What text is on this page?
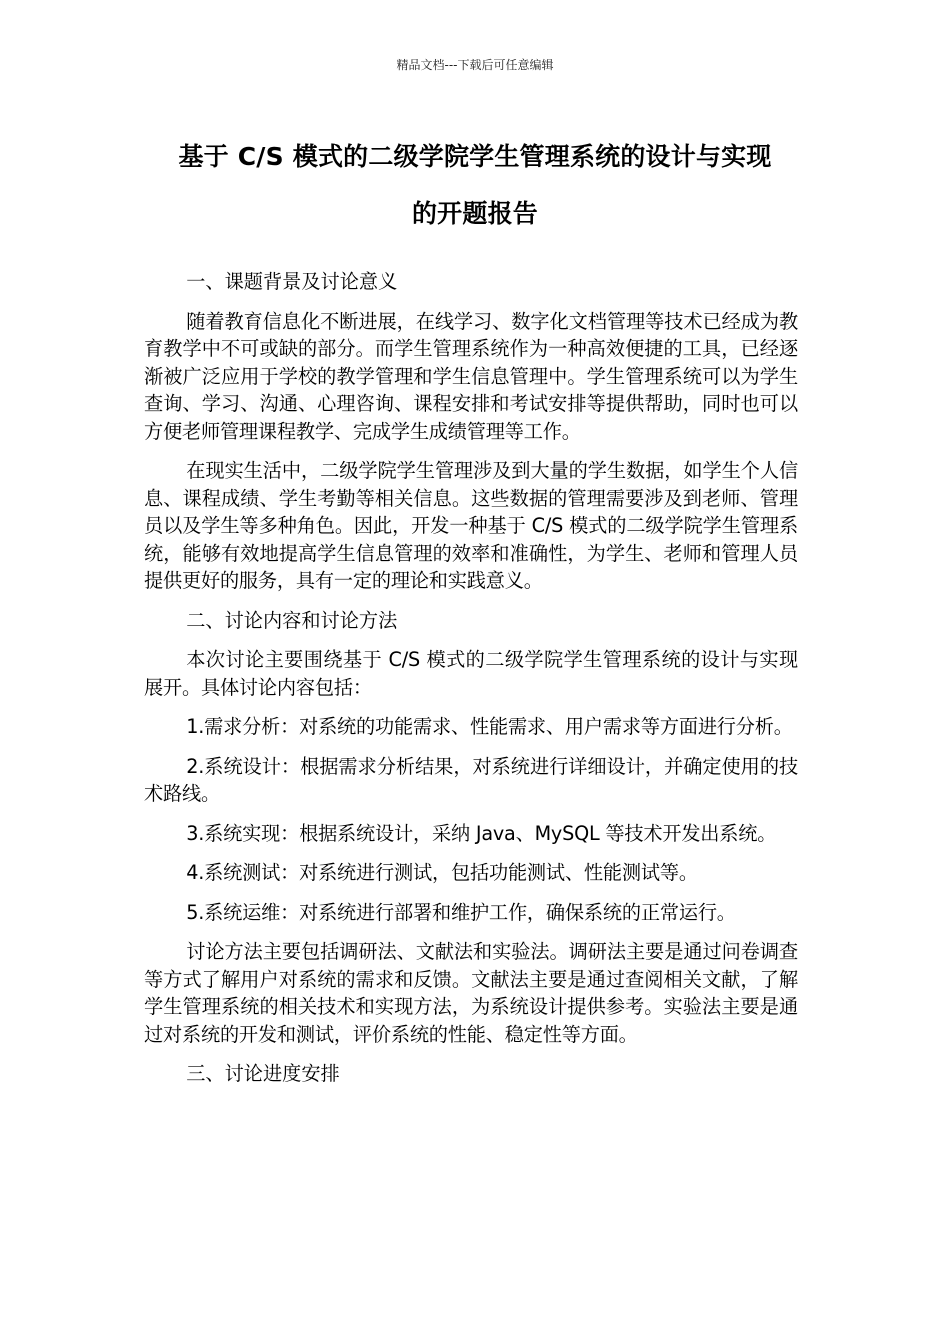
精品文档---下载后可任意编辑
基于 C/S 模式的二级学院学生管理系统的设计与实现
的开题报告

一、课题背景及讨论意义

随着教育信息化不断进展，在线学习、数字化文档管理等技术已经成为教育教学中不可或缺的部分。而学生管理系统作为一种高效便捷的工具，已经逐渐被广泛应用于学校的教学管理和学生信息管理中。学生管理系统可以为学生查询、学习、沟通、心理咨询、课程安排和考试安排等提供帮助，同时也可以方便老师管理课程教学、完成学生成绩管理等工作。

在现实生活中，二级学院学生管理涉及到大量的学生数据，如学生个人信息、课程成绩、学生考勤等相关信息。这些数据的管理需要涉及到老师、管理员以及学生等多种角色。因此，开发一种基于 C/S 模式的二级学院学生管理系统，能够有效地提高学生信息管理的效率和准确性，为学生、老师和管理人员提供更好的服务，具有一定的理论和实践意义。

二、讨论内容和讨论方法

本次讨论主要围绕基于 C/S 模式的二级学院学生管理系统的设计与实现展开。具体讨论内容包括：

1.需求分析：对系统的功能需求、性能需求、用户需求等方面进行分析。

2.系统设计：根据需求分析结果，对系统进行详细设计，并确定使用的技术路线。

3.系统实现：根据系统设计，采纳 Java、MySQL 等技术开发出系统。

4.系统测试：对系统进行测试，包括功能测试、性能测试等。

5.系统运维：对系统进行部署和维护工作，确保系统的正常运行。

讨论方法主要包括调研法、文献法和实验法。调研法主要是通过问卷调查等方式了解用户对系统的需求和反馈。文献法主要是通过查阅相关文献，了解学生管理系统的相关技术和实现方法，为系统设计提供参考。实验法主要是通过对系统的开发和测试，评价系统的性能、稳定性等方面。

三、讨论进度安排
